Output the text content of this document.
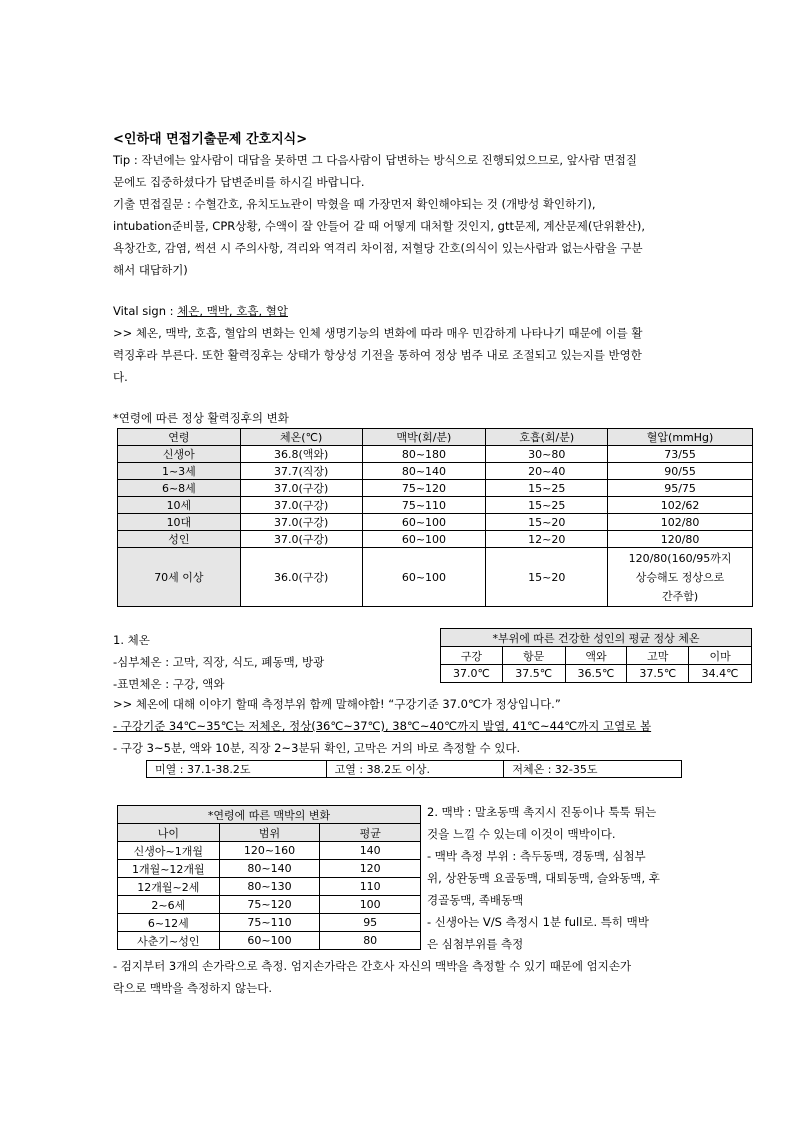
<인하대 면접기출문제 간호지식>
Tip : 작년에는 앞사람이 대답을 못하면 그 다음사람이 답변하는 방식으로 진행되었으므로, 앞사람 면접질
문에도 집중하셨다가 답변준비를 하시길 바랍니다.
기출 면접질문 : 수혈간호, 유치도뇨관이 막혔을 때 가장먼저 확인해야되는 것 (개방성 확인하기),
intubation준비물, CPR상황, 수액이 잘 안들어 갈 때 어떻게 대처할 것인지, gtt문제, 계산문제(단위환산),
욕창간호, 감염, 썩션 시 주의사항, 격리와 역격리 차이점, 저혈당 간호(의식이 있는사람과 없는사람을 구분
해서 대답하기)
Vital sign : 체온, 맥박, 호흡, 혈압
>> 체온, 맥박, 호흡, 혈압의 변화는 인체 생명기능의 변화에 따라 매우 민감하게 나타나기 때문에 이를 활
력징후라 부른다. 또한 활력징후는 상태가 항상성 기전을 통하여 정상 범주 내로 조절되고 있는지를 반영한
다.
*연령에 따른 정상 활력징후의 변화
연령	체온(℃)	맥박(회/분)	호흡(회/분)	혈압(mmHg)
신생아	36.8(액와)	80~180	30~80	73/55
1~3세	37.7(직장)	80~140	20~40	90/55
6~8세	37.0(구강)	75~120	15~25	95/75
10세	37.0(구강)	75~110	15~25	102/62
10대	37.0(구강)	60~100	15~20	102/80
성인	37.0(구강)	60~100	12~20	120/80
70세 이상	36.0(구강)	60~100	15~20	120/80(160/95까지
상승해도 정상으로
간주함)
1. 체온
-심부체온 : 고막, 직장, 식도, 폐동맥, 방광
-표면체온 : 구강, 액와
*부위에 따른 건강한 성인의 평균 정상 체온				
구강	항문	액와	고막	이마
37.0℃	37.5℃	36.5℃	37.5℃	34.4℃
>> 체온에 대해 이야기 할때 측정부위 함께 말해야함! “구강기준 37.0℃가 정상입니다.”
- 구강기준 34℃~35℃는 저체온, 정상(36℃~37℃), 38℃~40℃까지 발열, 41℃~44℃까지 고열로 봄
- 구강 3~5분, 액와 10분, 직장 2~3분뒤 확인, 고막은 거의 바로 측정할 수 있다.
미열 : 37.1-38.2도	고열 : 38.2도 이상.	저체온 : 32-35도
*연령에 따른 맥박의 변화		
나이	범위	평균
신생아~1개월	120~160	140
1개월~12개월	80~140	120
12개월~2세	80~130	110
2~6세	75~120	100
6~12세	75~110	95
사춘기~성인	60~100	80
2. 맥박 : 말초동맥 촉지시 진동이나 툭툭 튀는
것을 느낄 수 있는데 이것이 맥박이다.
- 맥박 측정 부위 : 측두동맥, 경동맥, 심첨부
위, 상완동맥 요골동맥, 대퇴동맥, 슬와동맥, 후
경골동맥, 족배동맥
- 신생아는 V/S 측정시 1분 full로. 특히 맥박
은 심첨부위를 측정
- 검지부터 3개의 손가락으로 측정. 엄지손가락은 간호사 자신의 맥박을 측정할 수 있기 때문에 엄지손가
락으로 맥박을 측정하지 않는다.
